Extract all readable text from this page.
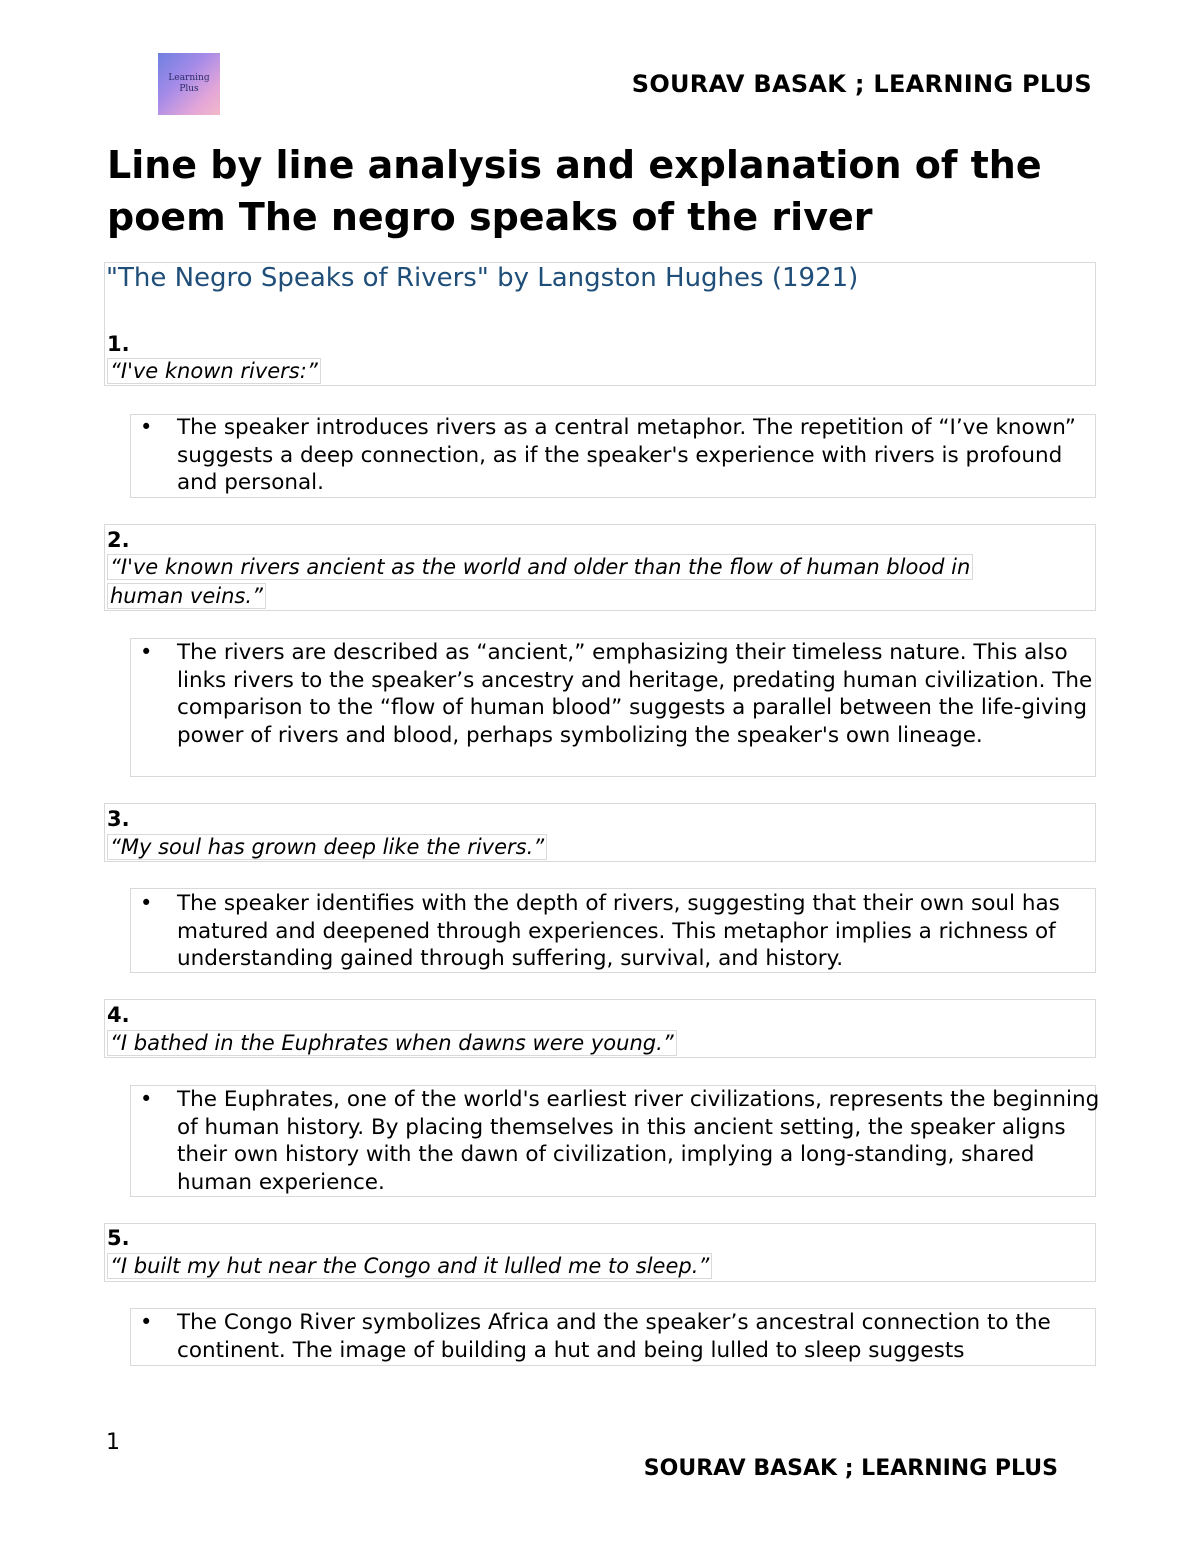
Learning
Plus	SOURAV BASAK ; LEARNING PLUS
Line by line analysis and explanation of the poem The negro speaks of the river
"The Negro Speaks of Rivers" by Langston Hughes (1921)
1.
“I've known rivers:”
• The speaker introduces rivers as a central metaphor. The repetition of “I’ve known” suggests a deep connection, as if the speaker's experience with rivers is profound and personal.
2.
“I've known rivers ancient as the world and older than the flow of human blood in
human veins.”
• The rivers are described as “ancient,” emphasizing their timeless nature. This also links rivers to the speaker’s ancestry and heritage, predating human civilization. The comparison to the “flow of human blood” suggests a parallel between the life-giving power of rivers and blood, perhaps symbolizing the speaker's own lineage.
3.
“My soul has grown deep like the rivers.”
• The speaker identifies with the depth of rivers, suggesting that their own soul has matured and deepened through experiences. This metaphor implies a richness of understanding gained through suffering, survival, and history.
4.
“I bathed in the Euphrates when dawns were young.”
• The Euphrates, one of the world's earliest river civilizations, represents the beginning of human history. By placing themselves in this ancient setting, the speaker aligns their own history with the dawn of civilization, implying a long-standing, shared human experience.
5.
“I built my hut near the Congo and it lulled me to sleep.”
• The Congo River symbolizes Africa and the speaker’s ancestral connection to the continent. The image of building a hut and being lulled to sleep suggests
1
SOURAV BASAK ; LEARNING PLUS
